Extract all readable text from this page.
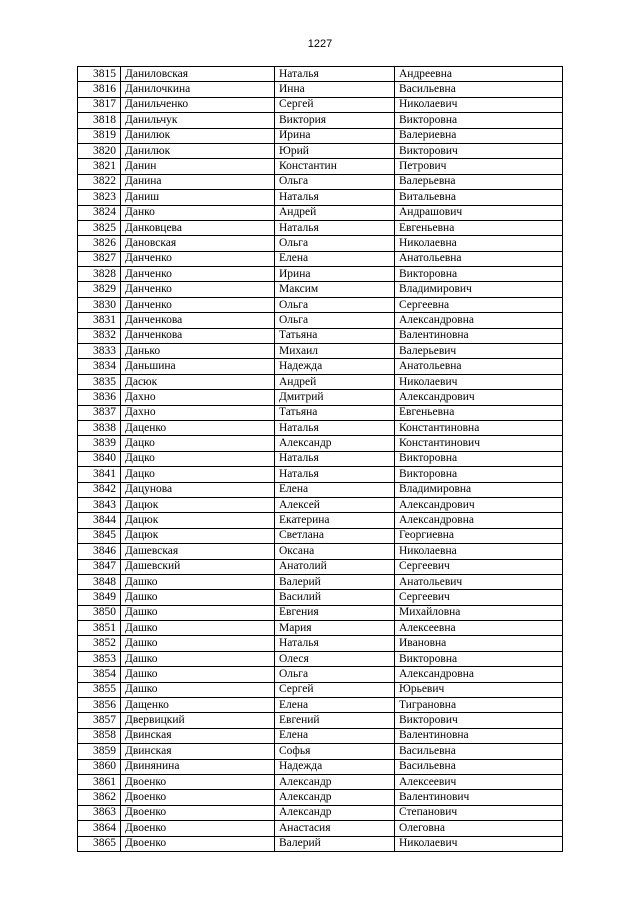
1227
3815	Даниловская	Наталья	Андреевна
3816	Данилочкина	Инна	Васильевна
3817	Данильченко	Сергей	Николаевич
3818	Данильчук	Виктория	Викторовна
3819	Данилюк	Ирина	Валериевна
3820	Данилюк	Юрий	Викторович
3821	Данин	Константин	Петрович
3822	Данина	Ольга	Валерьевна
3823	Даниш	Наталья	Витальевна
3824	Данко	Андрей	Андрашович
3825	Данковцева	Наталья	Евгеньевна
3826	Дановская	Ольга	Николаевна
3827	Данченко	Елена	Анатольевна
3828	Данченко	Ирина	Викторовна
3829	Данченко	Максим	Владимирович
3830	Данченко	Ольга	Сергеевна
3831	Данченкова	Ольга	Александровна
3832	Данченкова	Татьяна	Валентиновна
3833	Данько	Михаил	Валерьевич
3834	Даньшина	Надежда	Анатольевна
3835	Дасюк	Андрей	Николаевич
3836	Дахно	Дмитрий	Александрович
3837	Дахно	Татьяна	Евгеньевна
3838	Даценко	Наталья	Константиновна
3839	Дацко	Александр	Константинович
3840	Дацко	Наталья	Викторовна
3841	Дацко	Наталья	Викторовна
3842	Дацунова	Елена	Владимировна
3843	Дацюк	Алексей	Александрович
3844	Дацюк	Екатерина	Александровна
3845	Дацюк	Светлана	Георгиевна
3846	Дашевская	Оксана	Николаевна
3847	Дашевский	Анатолий	Сергеевич
3848	Дашко	Валерий	Анатольевич
3849	Дашко	Василий	Сергеевич
3850	Дашко	Евгения	Михайловна
3851	Дашко	Мария	Алексеевна
3852	Дашко	Наталья	Ивановна
3853	Дашко	Олеся	Викторовна
3854	Дашко	Ольга	Александровна
3855	Дашко	Сергей	Юрьевич
3856	Дащенко	Елена	Тиграновна
3857	Двервицкий	Евгений	Викторович
3858	Двинская	Елена	Валентиновна
3859	Двинская	Софья	Васильевна
3860	Двинянина	Надежда	Васильевна
3861	Двоенко	Александр	Алексеевич
3862	Двоенко	Александр	Валентинович
3863	Двоенко	Александр	Степанович
3864	Двоенко	Анастасия	Олеговна
3865	Двоенко	Валерий	Николаевич
